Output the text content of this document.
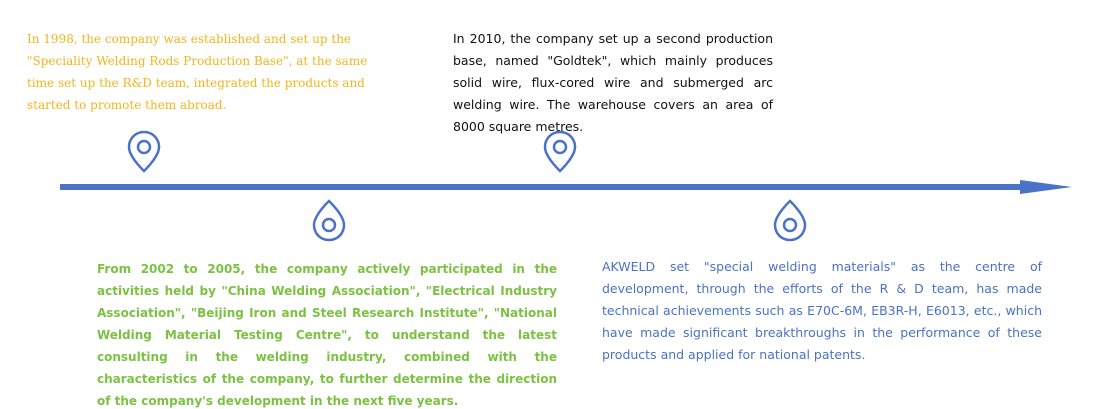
In 1998, the company was established and set up the "Speciality Welding Rods Production Base", at the same time set up the R&D team, integrated the products and started to promote them abroad.

In 2010, the company set up a second production base, named "Goldtek", which mainly produces solid wire, flux-cored wire and submerged arc welding wire. The warehouse covers an area of 8000 square metres.

From 2002 to 2005, the company actively participated in the activities held by "China Welding Association", "Electrical Industry Association", "Beijing Iron and Steel Research Institute", "National Welding Material Testing Centre", to understand the latest consulting in the welding industry, combined with the characteristics of the company, to further determine the direction of the company's development in the next five years.

AKWELD set "special welding materials" as the centre of development, through the efforts of the R & D team, has made technical achievements such as E70C-6M, EB3R-H, E6013, etc., which have made significant breakthroughs in the performance of these products and applied for national patents.
